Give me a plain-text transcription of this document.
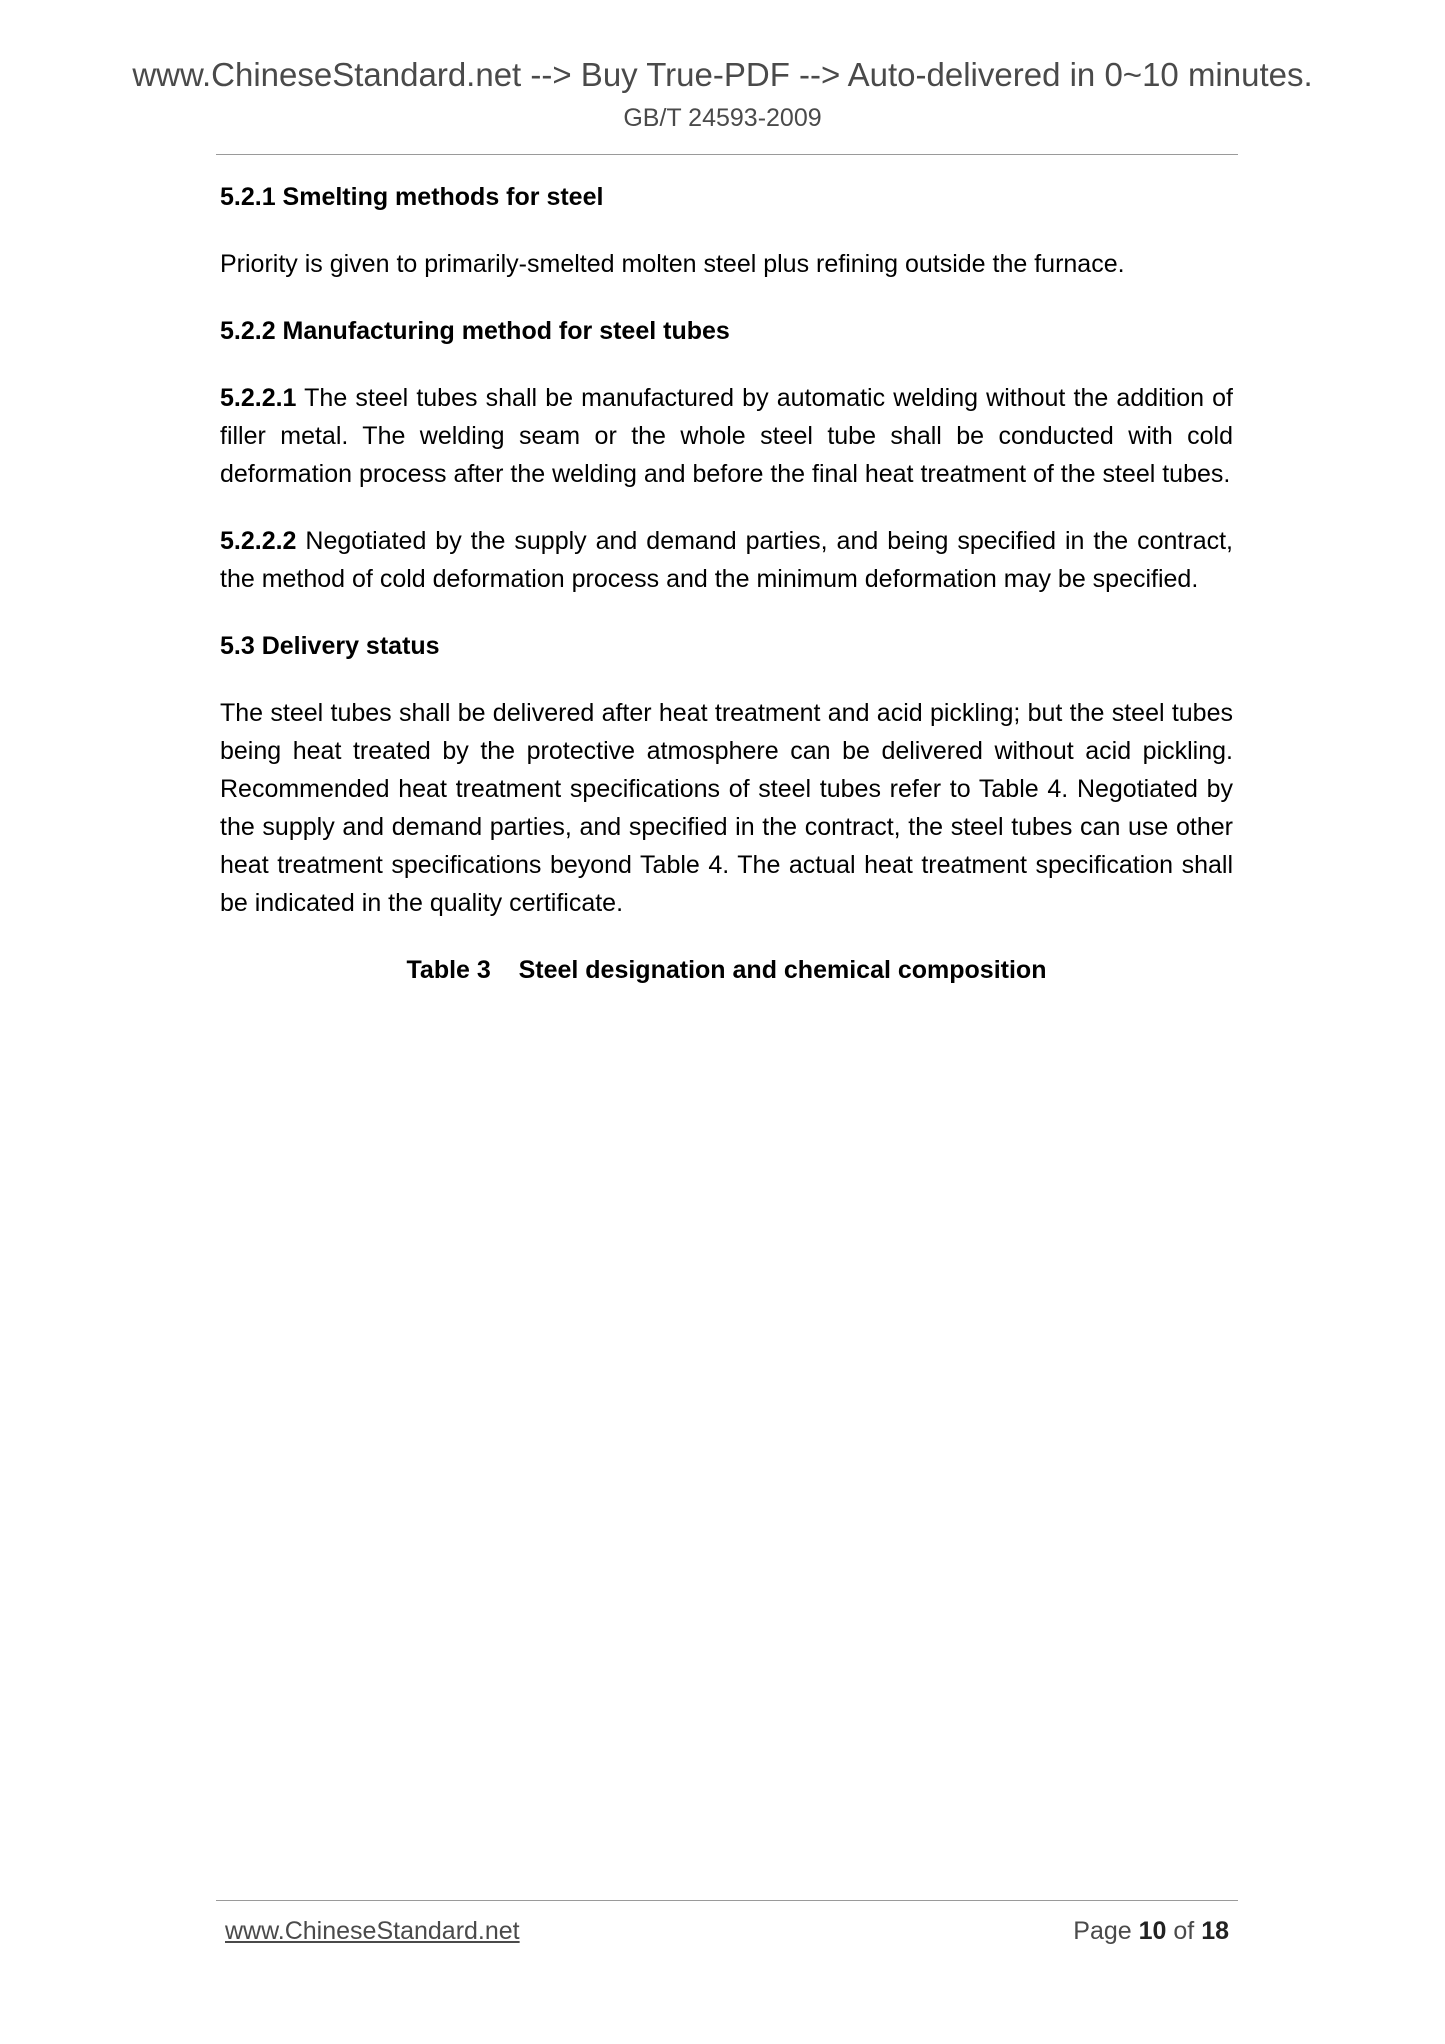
www.ChineseStandard.net --> Buy True-PDF --> Auto-delivered in 0~10 minutes.
GB/T 24593-2009
5.2.1 Smelting methods for steel
Priority is given to primarily-smelted molten steel plus refining outside the furnace.
5.2.2 Manufacturing method for steel tubes
5.2.2.1 The steel tubes shall be manufactured by automatic welding without the addition of filler metal. The welding seam or the whole steel tube shall be conducted with cold deformation process after the welding and before the final heat treatment of the steel tubes.
5.2.2.2 Negotiated by the supply and demand parties, and being specified in the contract, the method of cold deformation process and the minimum deformation may be specified.
5.3 Delivery status
The steel tubes shall be delivered after heat treatment and acid pickling; but the steel tubes being heat treated by the protective atmosphere can be delivered without acid pickling. Recommended heat treatment specifications of steel tubes refer to Table 4. Negotiated by the supply and demand parties, and specified in the contract, the steel tubes can use other heat treatment specifications beyond Table 4. The actual heat treatment specification shall be indicated in the quality certificate.
Table 3    Steel designation and chemical composition
www.ChineseStandard.net	Page 10 of 18
